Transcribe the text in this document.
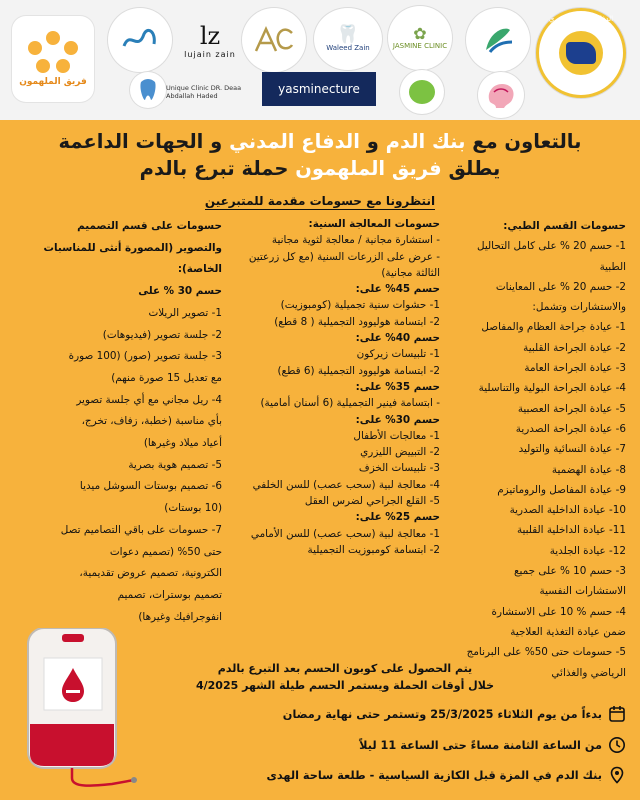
الدفاع المدني السوري
✿
JASMINE CLINIC
🦷
Waleed Zain
yasminecture
lz
lujain zain
Unique Clinic DR. Deaa Abdallah Haded
فريق الملهمون
بالتعاون مع بنك الدم و الدفاع المدني و الجهات الداعمة
يطلق فريق الملهمون حملة تبرع بالدم
انتظرونا مع حسومات مقدمة للمتبرعين
حسومات القسم الطبي:
1- حسم 20 % على كامل التحاليل
الطبية
2- حسم 20 % على المعاينات
والاستشارات وتشمل:
1- عيادة جراحة العظام والمفاصل
2- عيادة الجراحة القلبية
3- عيادة الجراحة العامة
4- عيادة الجراحة البولية والتناسلية
5- عيادة الجراحة العصبية
6- عيادة الجراحة الصدرية
7- عيادة النسائية والتوليد
8- عيادة الهضمية
9- عيادة المفاصل والروماتيزم
10- عيادة الداخلية الصدرية
11- عيادة الداخلية القلبية
12- عيادة الجلدية
3- حسم 10 % على جميع
الاستشارات النفسية
4- حسم % 10 على الاستشارة
ضمن عيادة التغذية العلاجية
5- حسومات حتى 50% على البرنامج
الرياضي والغذائي
حسومات المعالجة السنية:
- استشارة مجانية / معالجة لثوية مجانية
- عرض على الزرعات السنية (مع كل زرعتين
الثالثة مجانية)
حسم 45% على:
1- حشوات سنية تجميلية (كومبوزيت)
2- ابتسامة هوليوود التجميلية ( 8 قطع)
حسم 40% على:
1- تلبيسات زيركون
2- ابتسامة هوليوود التجميلية (6 قطع)
حسم 35% على:
- ابتسامة فينير التجميلية (6 أسنان أمامية)
حسم 30% على:
1- معالجات الأطفال
2- التبييض الليزري
3- تلبيسات الخزف
4- معالجة لبية (سحب عصب) للسن الخلفي
5- القلع الجراحي لضرس العقل
حسم 25% على:
1- معالجة لبية (سحب عصب) للسن الأمامي
2- ابتسامة كومبوزيت التجميلية
حسومات على قسم التصميم
والتصوير (المصورة أنثى للمناسبات
الخاصة):
حسم 30 % على
1- تصوير الريلات
2- جلسة تصوير (فيديوهات)
3- جلسة تصوير (صور) (100 صورة
مع تعديل 15 صورة منهم)
4- ريل مجاني مع أي جلسة تصوير
بأي مناسبة (خطبة، زفاف، تخرج،
أعياد ميلاد وغيرها)
5- تصميم هوية بصرية
6- تصميم بوستات السوشل ميديا
(10 بوستات)
7- حسومات على باقي التصاميم تصل
حتى 50% (تصميم دعوات
الكترونية، تصميم عروض تقديمية،
تصميم بوسترات، تصميم
انفوجرافيك وغيرها)
يتم الحصول على كوبون الحسم بعد التبرع بالدم
خلال أوقات الحملة ويستمر الحسم طيلة الشهر 4/2025
بدءاً من يوم الثلاثاء 25/3/2025 وتستمر حتى نهاية رمضان
من الساعة الثامنة مساءً حتى الساعة 11 ليلاً
بنك الدم في المزة قبل الكازية السياسية - طلعة ساحة الهدى
